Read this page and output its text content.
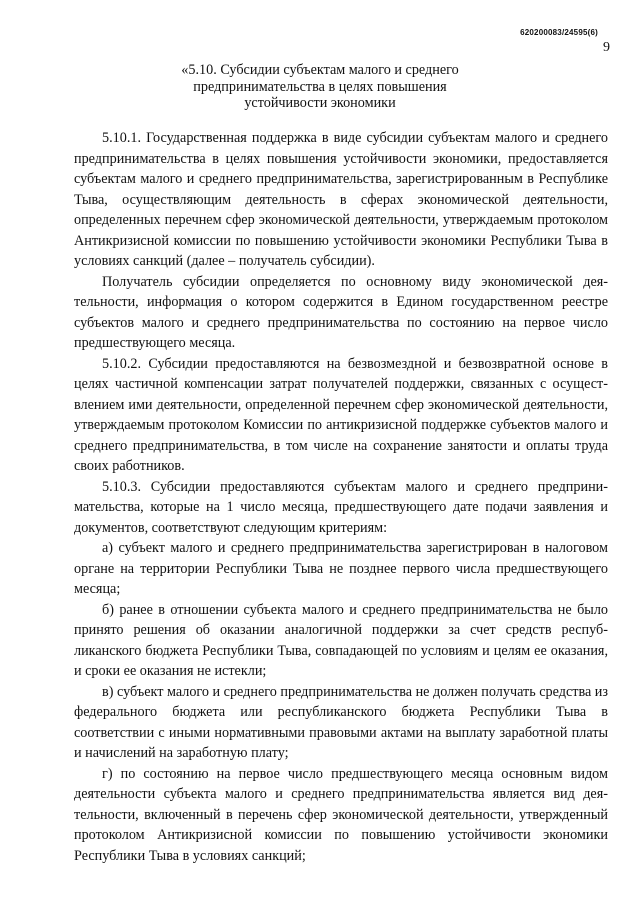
620200083/24595(6)
9
«5.10. Субсидии субъектам малого и среднего
предпринимательства в целях повышения
устойчивости экономики

5.10.1. Государственная поддержка в виде субсидии субъектам малого и среднего предпринимательства в целях повышения устойчивости экономики, предоставляется субъектам малого и среднего предпринимательства, зарегистрированным в Республике Тыва, осуществляющим деятельность в сферах экономической деятельности, определенных перечнем сфер экономической деятельности, утверждаемым протоколом Антикризисной комиссии по повышению устойчивости экономики Республики Тыва в условиях санкций (далее – получатель субсидии).

Получатель субсидии определяется по основному виду экономической деятельности, информация о котором содержится в Едином государственном реестре субъектов малого и среднего предпринимательства по состоянию на первое число предшествующего месяца.

5.10.2. Субсидии предоставляются на безвозмездной и безвозвратной основе в целях частичной компенсации затрат получателей поддержки, связанных с осуществлением ими деятельности, определенной перечнем сфер экономической деятельности, утверждаемым протоколом Комиссии по антикризисной поддержке субъектов малого и среднего предпринимательства, в том числе на сохранение занятости и оплаты труда своих работников.

5.10.3. Субсидии предоставляются субъектам малого и среднего предпринимательства, которые на 1 число месяца, предшествующего дате подачи заявления и документов, соответствуют следующим критериям:

а) субъект малого и среднего предпринимательства зарегистрирован в налоговом органе на территории Республики Тыва не позднее первого числа предшествующего месяца;

б) ранее в отношении субъекта малого и среднего предпринимательства не было принято решения об оказании аналогичной поддержки за счет средств республиканского бюджета Республики Тыва, совпадающей по условиям и целям ее оказания, и сроки ее оказания не истекли;

в) субъект малого и среднего предпринимательства не должен получать средства из федерального бюджета или республиканского бюджета Республики Тыва в соответствии с иными нормативными правовыми актами на выплату заработной платы и начислений на заработную плату;

г) по состоянию на первое число предшествующего месяца основным видом деятельности субъекта малого и среднего предпринимательства является вид деятельности, включенный в перечень сфер экономической деятельности, утвержденный протоколом Антикризисной комиссии по повышению устойчивости экономики Республики Тыва в условиях санкций;
